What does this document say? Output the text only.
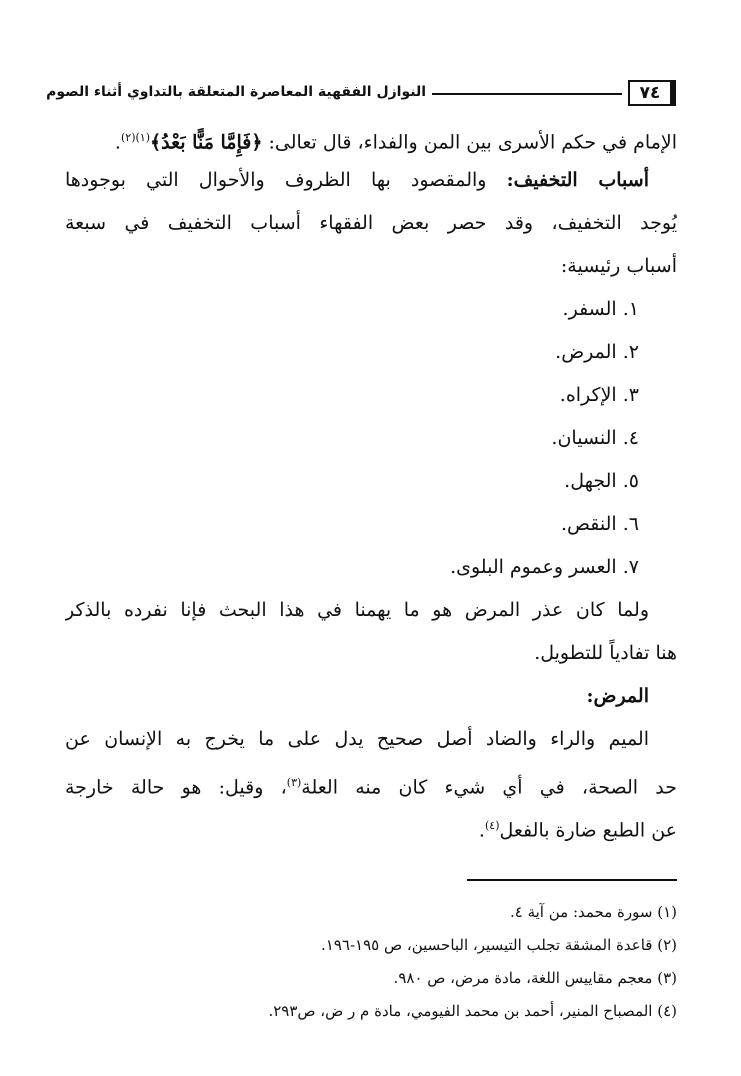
٧٤
النوازل الفقهية المعاصرة المتعلقة بالتداوي أثناء الصوم
الإمام في حكم الأسرى بين المن والفداء، قال تعالى: ﴿فَإِمَّا مَنًّا بَعْدُ﴾$^{(١)(٢)}$.
أسباب التخفيف: والمقصود بها الظروف والأحوال التي بوجودها
يُوجد التخفيف، وقد حصر بعض الفقهاء أسباب التخفيف في سبعة
أسباب رئيسية:
١. السفر.
٢. المرض.
٣. الإكراه.
٤. النسيان.
٥. الجهل.
٦. النقص.
٧. العسر وعموم البلوى.
ولما كان عذر المرض هو ما يهمنا في هذا البحث فإنا نفرده بالذكر
هنا تفادياً للتطويل.
المرض:
الميم والراء والضاد أصل صحيح يدل على ما يخرج به الإنسان عن
حد الصحة، في أي شيء كان منه العلة$^{(٣)}$، وقيل: هو حالة خارجة
عن الطبع ضارة بالفعل$^{(٤)}$.
(١) سورة محمد: من آية ٤.
(٢) قاعدة المشقة تجلب التيسير، الباحسين، ص ١٩٥-١٩٦.
(٣) معجم مقاييس اللغة، مادة مرض، ص ٩٨٠.
(٤) المصباح المنير، أحمد بن محمد الفيومي، مادة م ر ض، ص٢٩٣.
